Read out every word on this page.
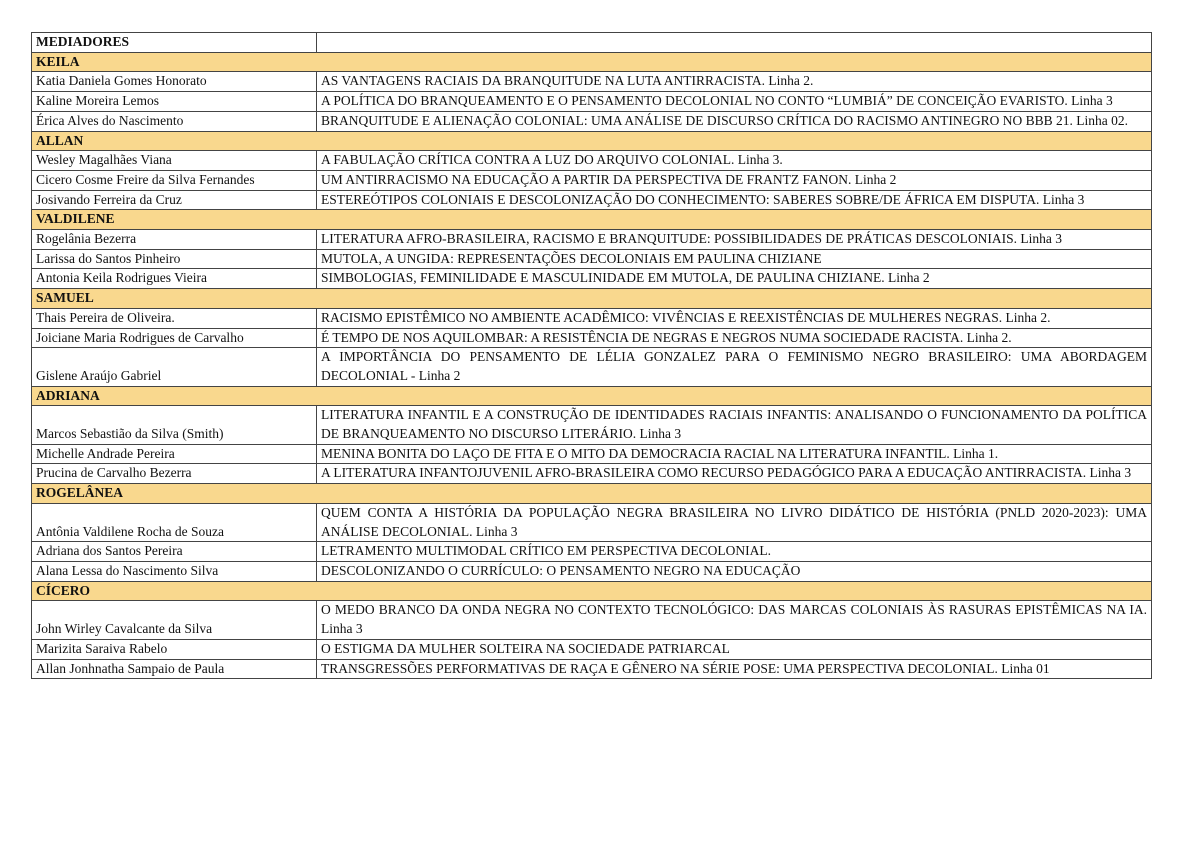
MEDIADORES	
KEILA	
Katia Daniela Gomes Honorato	AS VANTAGENS RACIAIS DA BRANQUITUDE NA LUTA ANTIRRACISTA. Linha 2.
Kaline Moreira Lemos	A POLÍTICA DO BRANQUEAMENTO E O PENSAMENTO DECOLONIAL NO CONTO “LUMBIÁ” DE CONCEIÇÃO EVARISTO. Linha 3
Érica Alves do Nascimento	BRANQUITUDE E ALIENAÇÃO COLONIAL: UMA ANÁLISE DE DISCURSO CRÍTICA DO RACISMO ANTINEGRO NO BBB 21. Linha 02.
ALLAN	
Wesley Magalhães Viana	A FABULAÇÃO CRÍTICA CONTRA A LUZ DO ARQUIVO COLONIAL. Linha 3.
Cicero Cosme Freire da Silva Fernandes	UM ANTIRRACISMO NA EDUCAÇÃO A PARTIR DA PERSPECTIVA DE FRANTZ FANON. Linha 2
Josivando Ferreira da Cruz	ESTEREÓTIPOS COLONIAIS E DESCOLONIZAÇÃO DO CONHECIMENTO: SABERES SOBRE/DE ÁFRICA EM DISPUTA. Linha 3
VALDILENE	
Rogelânia Bezerra	LITERATURA AFRO-BRASILEIRA, RACISMO E BRANQUITUDE: POSSIBILIDADES DE PRÁTICAS DESCOLONIAIS. Linha 3
Larissa do Santos Pinheiro	MUTOLA, A UNGIDA: REPRESENTAÇÕES DECOLONIAIS EM PAULINA CHIZIANE
Antonia Keila Rodrigues Vieira	SIMBOLOGIAS, FEMINILIDADE E MASCULINIDADE EM MUTOLA, DE PAULINA CHIZIANE. Linha 2
SAMUEL	
Thais Pereira de Oliveira.	RACISMO EPISTÊMICO NO AMBIENTE ACADÊMICO: VIVÊNCIAS E REEXISTÊNCIAS DE MULHERES NEGRAS. Linha 2.
Joiciane Maria Rodrigues de Carvalho	É TEMPO DE NOS AQUILOMBAR: A RESISTÊNCIA DE NEGRAS E NEGROS NUMA SOCIEDADE RACISTA. Linha 2.
Gislene Araújo Gabriel	A IMPORTÂNCIA DO PENSAMENTO DE LÉLIA GONZALEZ PARA O FEMINISMO NEGRO BRASILEIRO: UMA ABORDAGEM DECOLONIAL - Linha 2
ADRIANA	
Marcos Sebastião da Silva (Smith)	LITERATURA INFANTIL E A CONSTRUÇÃO DE IDENTIDADES RACIAIS INFANTIS: ANALISANDO O FUNCIONAMENTO DA POLÍTICA DE BRANQUEAMENTO NO DISCURSO LITERÁRIO. Linha 3
Michelle Andrade Pereira	MENINA BONITA DO LAÇO DE FITA E O MITO DA DEMOCRACIA RACIAL NA LITERATURA INFANTIL. Linha 1.
Prucina de Carvalho Bezerra	A LITERATURA INFANTOJUVENIL AFRO-BRASILEIRA COMO RECURSO PEDAGÓGICO PARA A EDUCAÇÃO ANTIRRACISTA. Linha 3
ROGELÂNEA	
Antônia Valdilene Rocha de Souza	QUEM CONTA A HISTÓRIA DA POPULAÇÃO NEGRA BRASILEIRA NO LIVRO DIDÁTICO DE HISTÓRIA (PNLD 2020-2023): UMA ANÁLISE DECOLONIAL. Linha 3
Adriana dos Santos Pereira	LETRAMENTO MULTIMODAL CRÍTICO EM PERSPECTIVA DECOLONIAL.
Alana Lessa do Nascimento Silva	DESCOLONIZANDO O CURRÍCULO: O PENSAMENTO NEGRO NA EDUCAÇÃO
CÍCERO	
John Wirley Cavalcante da Silva	O MEDO BRANCO DA ONDA NEGRA NO CONTEXTO TECNOLÓGICO: DAS MARCAS COLONIAIS ÀS RASURAS EPISTÊMICAS NA IA. Linha 3
Marizita Saraiva Rabelo	O ESTIGMA DA MULHER SOLTEIRA NA SOCIEDADE PATRIARCAL
Allan Jonhnatha Sampaio de Paula	TRANSGRESSÕES PERFORMATIVAS DE RAÇA E GÊNERO NA SÉRIE POSE: UMA PERSPECTIVA DECOLONIAL. Linha 01
